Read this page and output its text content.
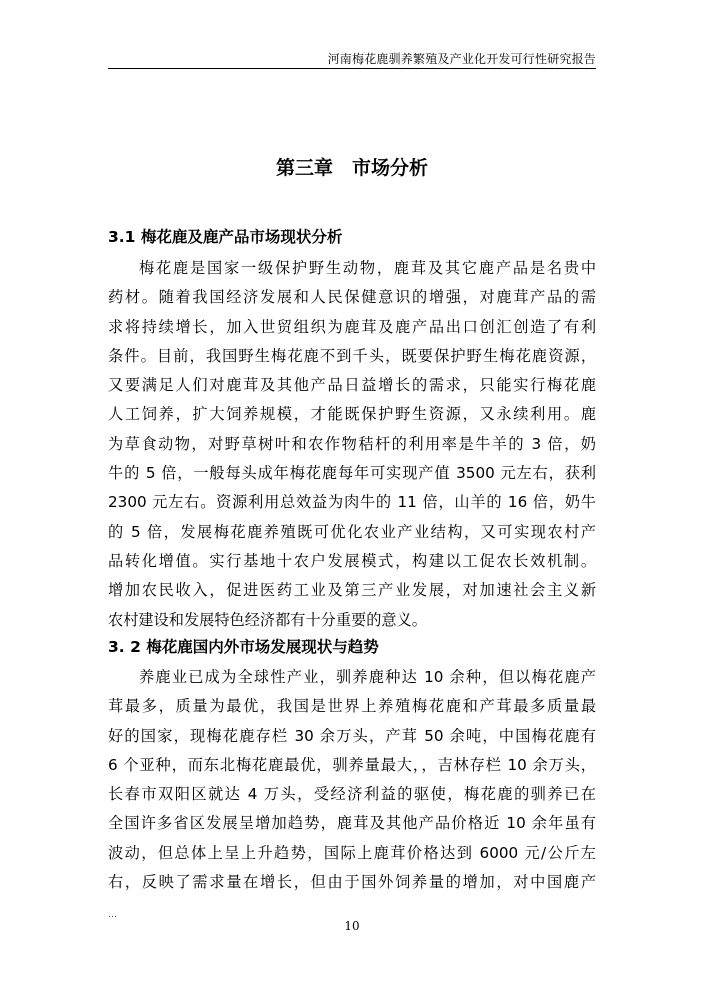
河南梅花鹿驯养繁殖及产业化开发可行性研究报告
第三章　市场分析
3.1 梅花鹿及鹿产品市场现状分析
梅花鹿是国家一级保护野生动物，鹿茸及其它鹿产品是名贵中
药材。随着我国经济发展和人民保健意识的增强，对鹿茸产品的需
求将持续增长，加入世贸组织为鹿茸及鹿产品出口创汇创造了有利
条件。目前，我国野生梅花鹿不到千头，既要保护野生梅花鹿资源，
又要满足人们对鹿茸及其他产品日益增长的需求，只能实行梅花鹿
人工饲养，扩大饲养规模，才能既保护野生资源，又永续利用。鹿
为草食动物，对野草树叶和农作物秸杆的利用率是牛羊的 3 倍，奶
牛的 5 倍，一般每头成年梅花鹿每年可实现产值 3500 元左右，获利
2300 元左右。资源利用总效益为肉牛的 11 倍，山羊的 16 倍，奶牛
的 5 倍，发展梅花鹿养殖既可优化农业产业结构，又可实现农村产
品转化增值。实行基地十农户发展模式，构建以工促农长效机制。
增加农民收入，促进医药工业及第三产业发展，对加速社会主义新
农村建设和发展特色经济都有十分重要的意义。
3. 2 梅花鹿国内外市场发展现状与趋势
养鹿业已成为全球性产业，驯养鹿种达 10 余种，但以梅花鹿产
茸最多，质量为最优，我国是世界上养殖梅花鹿和产茸最多质量最
好的国家，现梅花鹿存栏 30 余万头，产茸 50 余吨，中国梅花鹿有
6 个亚种，而东北梅花鹿最优，驯养量最大，，吉林存栏 10 余万头，
长春市双阳区就达 4 万头，受经济利益的驱使，梅花鹿的驯养已在
全国许多省区发展呈增加趋势，鹿茸及其他产品价格近 10 余年虽有
波动，但总体上呈上升趋势，国际上鹿茸价格达到 6000 元/公斤左
右，反映了需求量在增长，但由于国外饲养量的增加，对中国鹿产
…
10
